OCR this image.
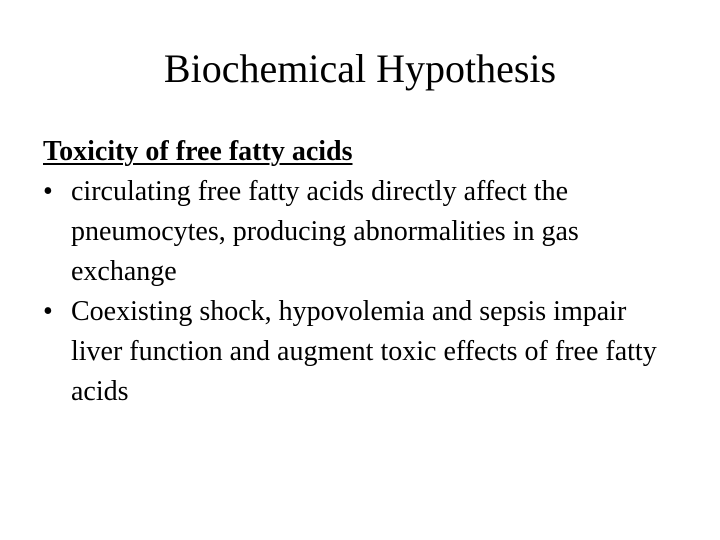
Biochemical Hypothesis

Toxicity of free fatty acids

• circulating free fatty acids directly affect the pneumocytes, producing abnormalities in gas exchange
• Coexisting shock, hypovolemia and sepsis impair liver function and augment toxic effects of free fatty acids
